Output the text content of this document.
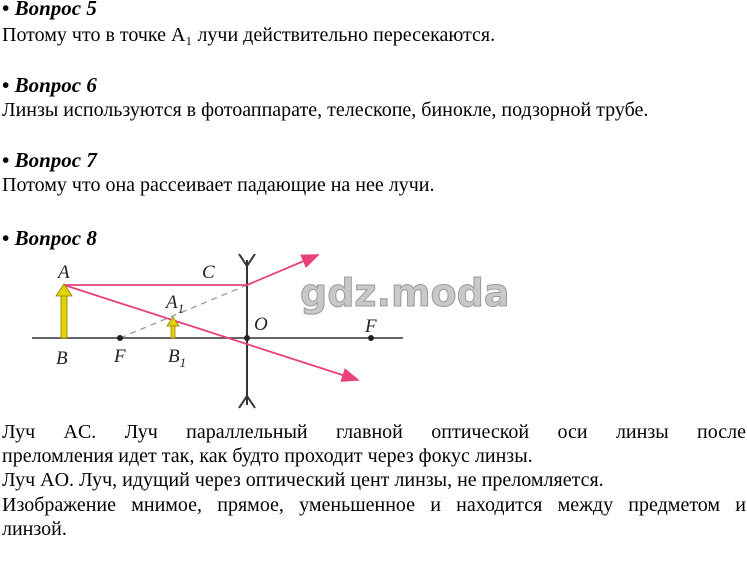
• Вопрос 5
Потому что в точке A₁ лучи действительно пересекаются.
• Вопрос 6
Линзы используются в фотоаппарате, телескопе, бинокле, подзорной трубе.
• Вопрос 7
Потому что она рассеивает падающие на нее лучи.
• Вопрос 8
A
B
C
$A_1$
$B_1$
O
F
F
gdz.moda
Луч AC. Луч параллельный главной оптической оси линзы после
преломления идет так, как будто проходит через фокус линзы.
Луч AO. Луч, идущий через оптический цент линзы, не преломляется.
Изображение мнимое, прямое, уменьшенное и находится между предметом и
линзой.
